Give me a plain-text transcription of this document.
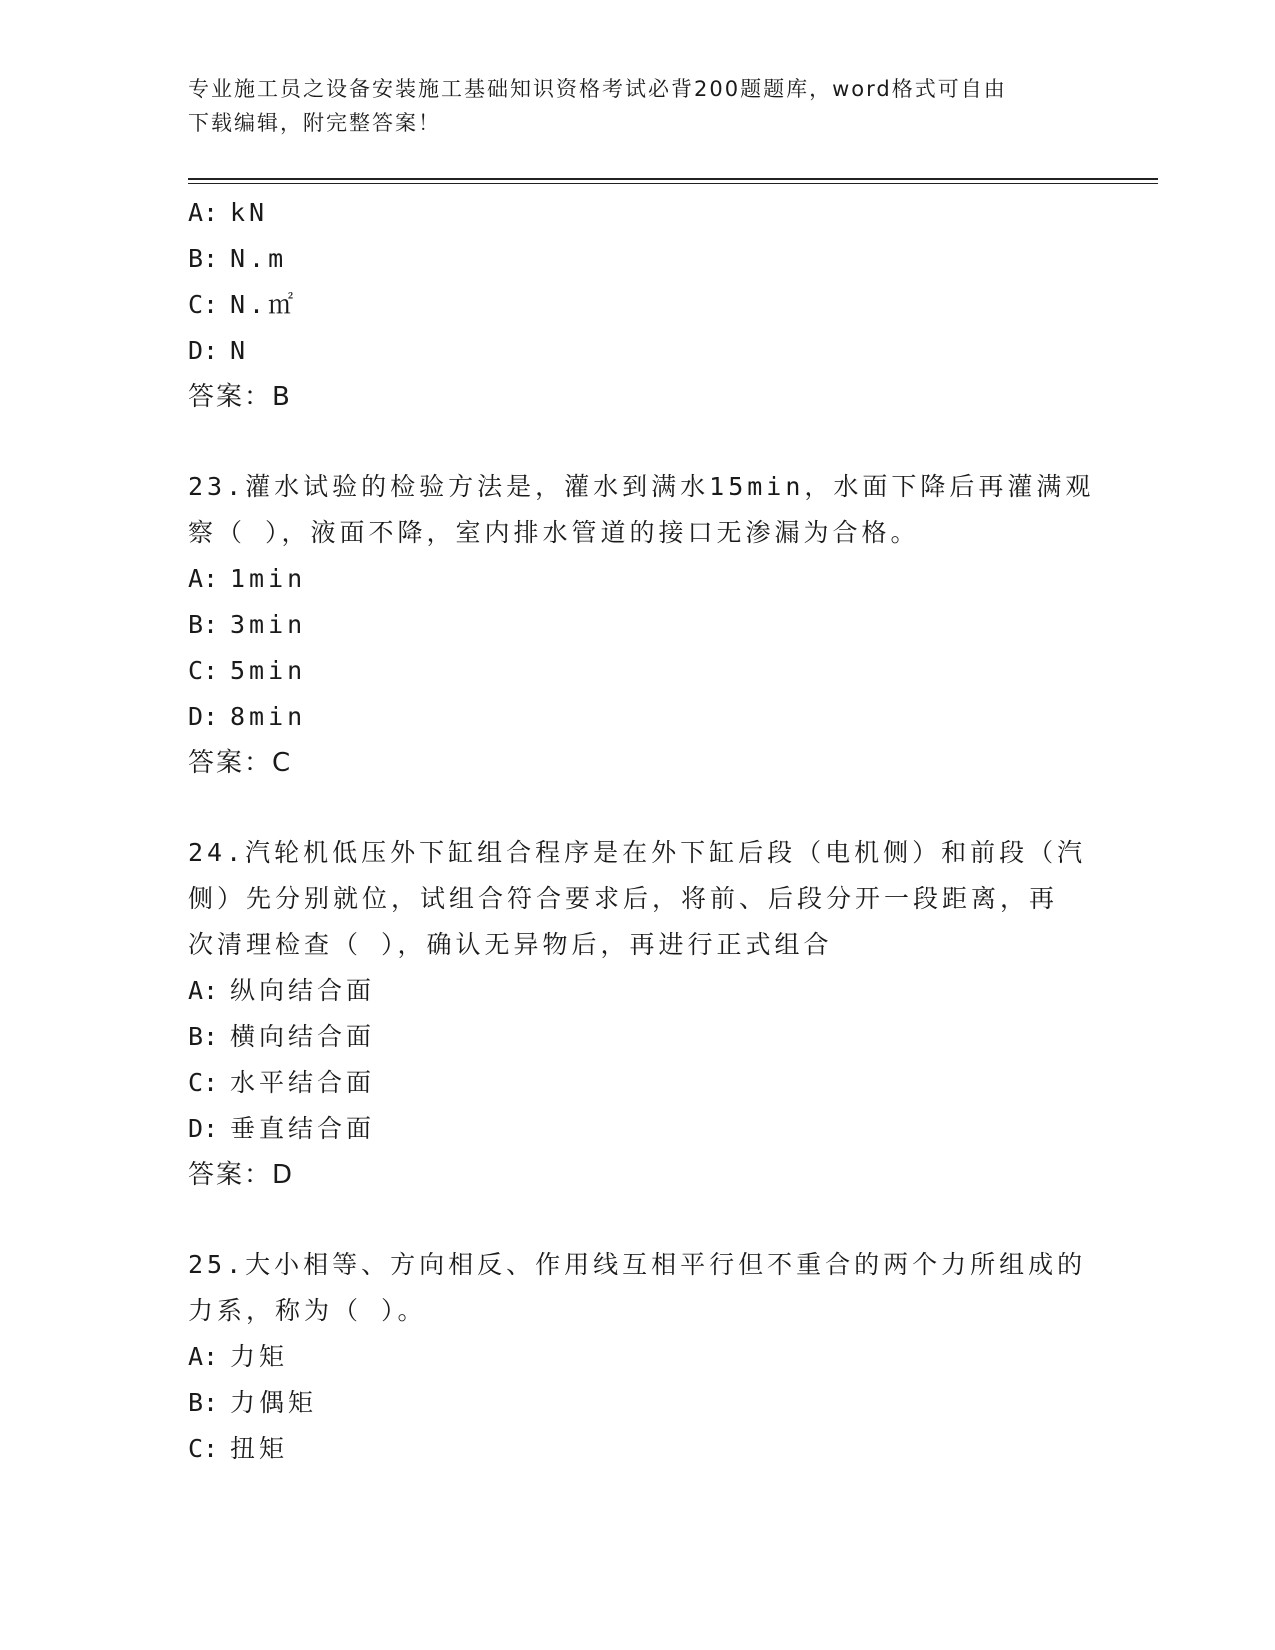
专业施工员之设备安装施工基础知识资格考试必背200题题库，word格式可自由
下载编辑，附完整答案！
A: kN
B: N.m
C: N.㎡
D: N
答案：B
23.灌水试验的检验方法是，灌水到满水15min，水面下降后再灌满观
察（ ），液面不降，室内排水管道的接口无渗漏为合格。
A: 1min
B: 3min
C: 5min
D: 8min
答案：C
24.汽轮机低压外下缸组合程序是在外下缸后段（电机侧）和前段（汽
侧）先分别就位，试组合符合要求后，将前、后段分开一段距离，再
次清理检查（ ），确认无异物后，再进行正式组合
A: 纵向结合面
B: 横向结合面
C: 水平结合面
D: 垂直结合面
答案：D
25.大小相等、方向相反、作用线互相平行但不重合的两个力所组成的
力系，称为（ ）。
A: 力矩
B: 力偶矩
C: 扭矩
